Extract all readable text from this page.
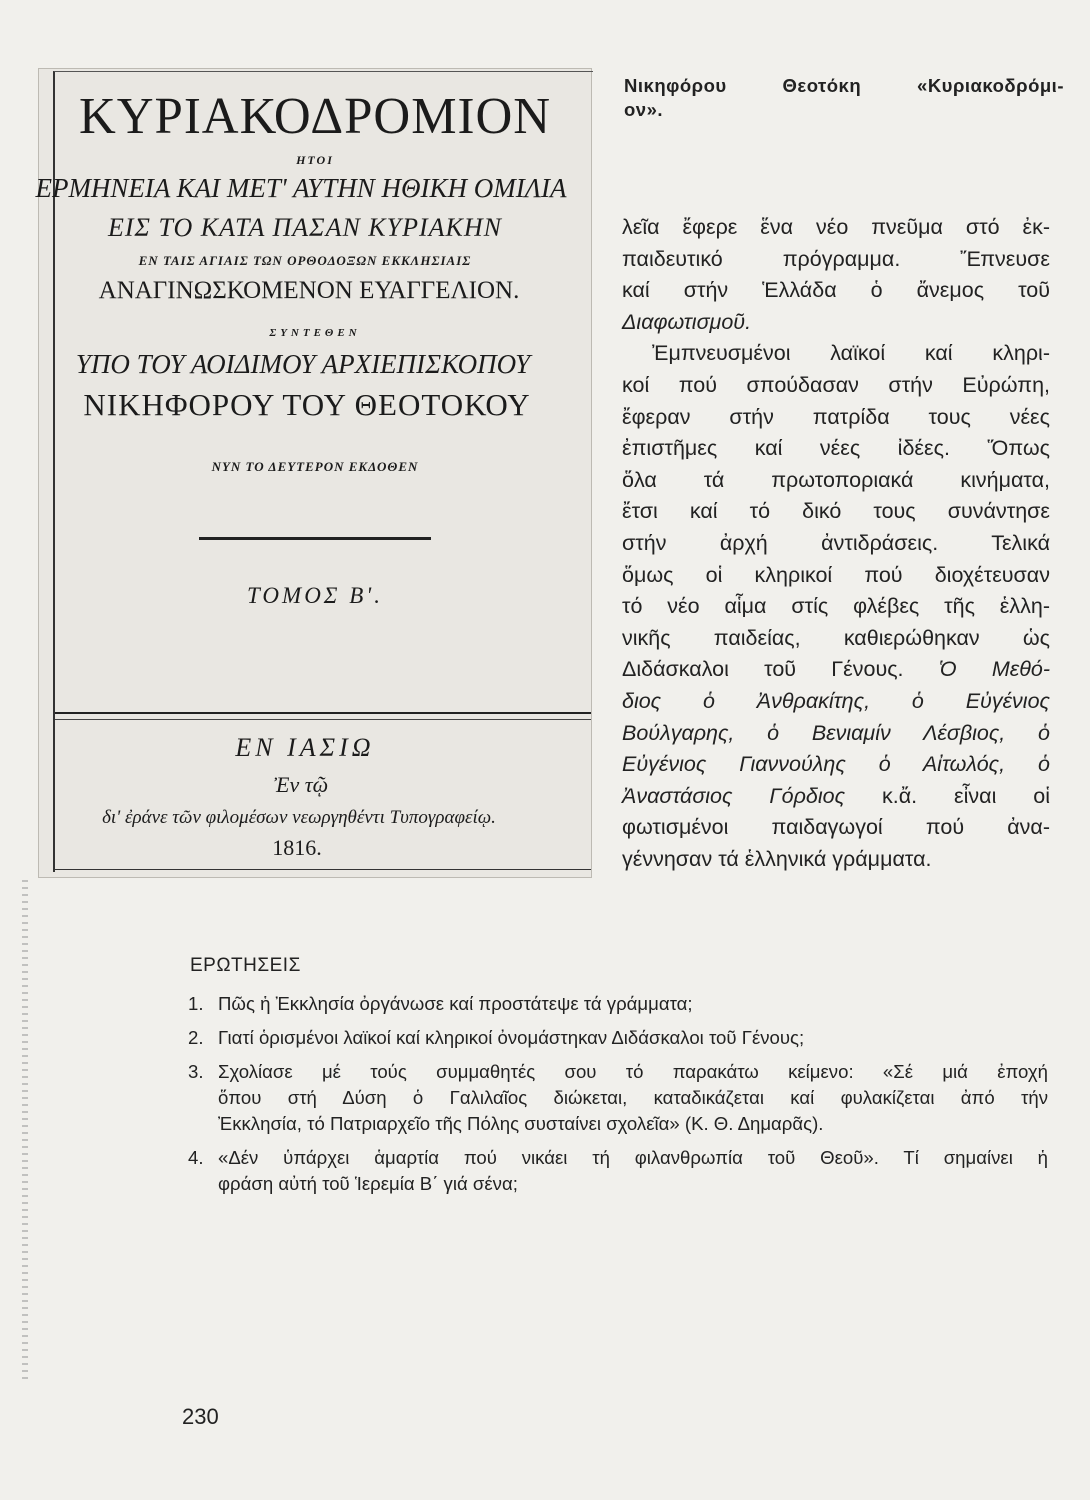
ΚΥΡΙΑΚΟΔΡΟΜΙΟΝ
ΗΤΟΙ
ΕΡΜΗΝΕΙΑ ΚΑΙ ΜΕΤ' ΑΥΤΗΝ ΗΘΙΚΗ ΟΜΙΛΙΑ
ΕΙΣ ΤΟ ΚΑΤΑ ΠΑΣΑΝ ΚΥΡΙΑΚΗΝ
ΕΝ ΤΑΙΣ ΑΓΙΑΙΣ ΤΩΝ ΟΡΘΟΔΟΞΩΝ ΕΚΚΛΗΣΙΑΙΣ
ΑΝΑΓΙΝΩΣΚΟΜΕΝΟΝ ΕΥΑΓΓΕΛΙΟΝ.
ΣΥΝΤΕΘΕΝ
ΥΠΟ ΤΟΥ ΑΟΙΔΙΜΟΥ ΑΡΧΙΕΠΙΣΚΟΠΟΥ
ΝΙΚΗΦΟΡΟΥ ΤΟΥ ΘΕΟΤΟΚΟΥ
ΝΥΝ ΤΟ ΔΕΥΤΕΡΟΝ ΕΚΔΟΘΕΝ
ΤΟΜΟΣ Β'.
ΕΝ ΙΑΣΙΩ
Ἐν τῷ
δι' ἐράνε τῶν φιλομέσων νεωργηθέντι Τυπογραφείῳ.
1816.
Νικηφόρου Θεοτόκη «Κυριακοδρόμι-
ον».
λεῖα ἔφερε ἕνα νέο πνεῦμα στό ἐκ-
παιδευτικό πρόγραμμα. Ἔπνευσε
καί στήν Ἑλλάδα ὁ ἄνεμος τοῦ
Διαφωτισμοῦ.
Ἐμπνευσμένοι λαϊκοί καί κληρι-
κοί πού σπούδασαν στήν Εὐρώπη,
ἔφεραν στήν πατρίδα τους νέες
ἐπιστῆμες καί νέες ἰδέες. Ὅπως
ὅλα τά πρωτοποριακά κινήματα,
ἔτσι καί τό δικό τους συνάντησε
στήν ἀρχή ἀντιδράσεις. Τελικά
ὅμως οἱ κληρικοί πού διοχέτευσαν
τό νέο αἷμα στίς φλέβες τῆς ἑλλη-
νικῆς παιδείας, καθιερώθηκαν ὡς
Διδάσκαλοι τοῦ Γένους. Ὁ Μεθό-
διος ὁ Ἀνθρακίτης, ὁ Εὐγένιος
Βούλγαρης, ὁ Βενιαμίν Λέσβιος, ὁ
Εὐγένιος Γιαννούλης ὁ Αἰτωλός, ὁ
Ἀναστάσιος Γόρδιος κ.ἄ. εἶναι οἱ
φωτισμένοι παιδαγωγοί πού ἀνα-
γέννησαν τά ἑλληνικά γράμματα.
ΕΡΩΤΗΣΕΙΣ
1. Πῶς ἡ Ἐκκλησία ὀργάνωσε καί προστάτεψε τά γράμματα;
2. Γιατί ὁρισμένοι λαϊκοί καί κληρικοί ὀνομάστηκαν Διδάσκαλοι τοῦ Γένους;
3. Σχολίασε μέ τούς συμμαθητές σου τό παρακάτω κείμενο: «Σέ μιά ἐποχή
ὅπου στή Δύση ὁ Γαλιλαῖος διώκεται, καταδικάζεται καί φυλακίζεται ἀπό τήν
Ἐκκλησία, τό Πατριαρχεῖο τῆς Πόλης συσταίνει σχολεῖα» (Κ. Θ. Δημαρᾶς).
4. «Δέν ὑπάρχει ἁμαρτία πού νικάει τή φιλανθρωπία τοῦ Θεοῦ». Τί σημαίνει ἡ
φράση αὐτή τοῦ Ἱερεμία Β΄ γιά σένα;
230
